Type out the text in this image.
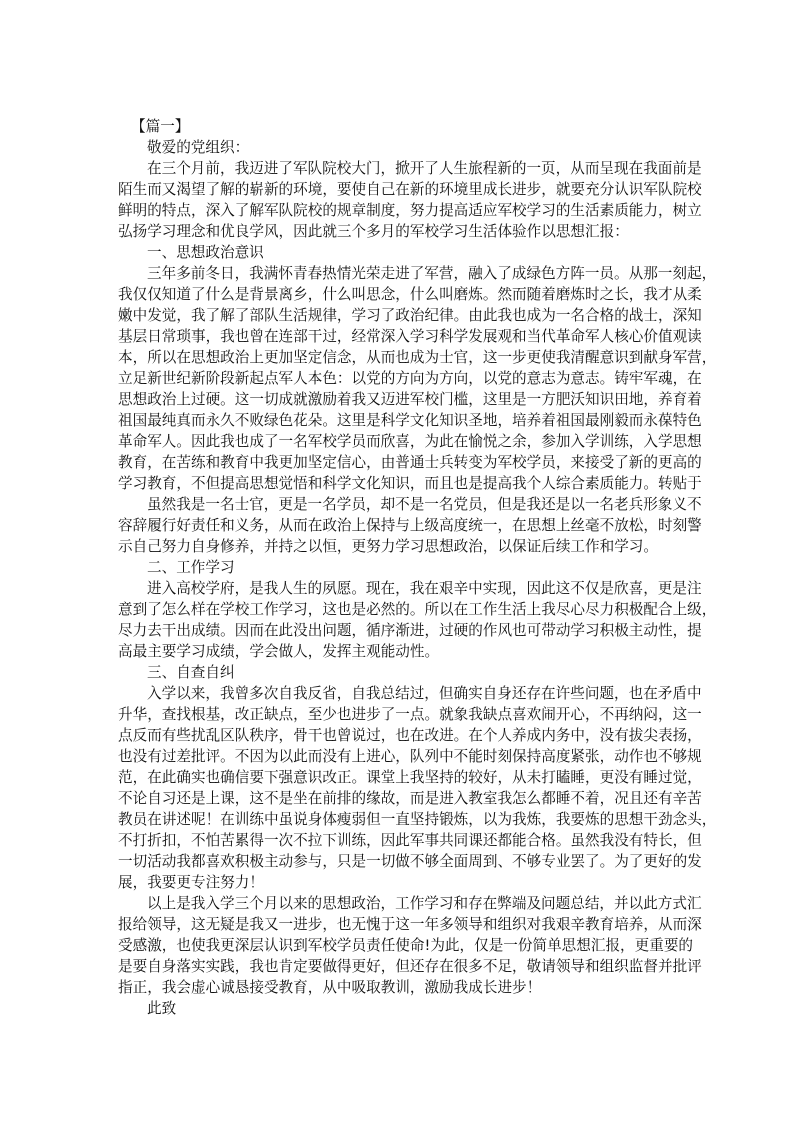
【篇一】
敬爱的党组织：
在三个月前，我迈进了军队院校大门，掀开了人生旅程新的一页，从而呈现在我面前是
陌生而又渴望了解的崭新的环境，要使自己在新的环境里成长进步，就要充分认识军队院校
鲜明的特点，深入了解军队院校的规章制度，努力提高适应军校学习的生活素质能力，树立
弘扬学习理念和优良学风，因此就三个多月的军校学习生活体验作以思想汇报：
一、思想政治意识
三年多前冬日，我满怀青春热情光荣走进了军营，融入了成绿色方阵一员。从那一刻起，
我仅仅知道了什么是背景离乡，什么叫思念，什么叫磨炼。然而随着磨炼时之长，我才从柔
嫩中发觉，我了解了部队生活规律，学习了政治纪律。由此我也成为一名合格的战士，深知
基层日常琐事，我也曾在连部干过，经常深入学习科学发展观和当代革命军人核心价值观读
本，所以在思想政治上更加坚定信念，从而也成为士官，这一步更使我清醒意识到献身军营，
立足新世纪新阶段新起点军人本色：以党的方向为方向，以党的意志为意志。铸牢军魂，在
思想政治上过硬。这一切成就激励着我又迈进军校门槛，这里是一方肥沃知识田地，养育着
祖国最纯真而永久不败绿色花朵。这里是科学文化知识圣地，培养着祖国最刚毅而永葆特色
革命军人。因此我也成了一名军校学员而欣喜，为此在愉悦之余，参加入学训练，入学思想
教育，在苦练和教育中我更加坚定信心，由普通士兵转变为军校学员，来接受了新的更高的
学习教育，不但提高思想觉悟和科学文化知识，而且也是提高我个人综合素质能力。转贴于
虽然我是一名士官，更是一名学员，却不是一名党员，但是我还是以一名老兵形象义不
容辞履行好责任和义务，从而在政治上保持与上级高度统一，在思想上丝毫不放松，时刻警
示自己努力自身修养，并持之以恒，更努力学习思想政治，以保证后续工作和学习。
二、工作学习
进入高校学府，是我人生的夙愿。现在，我在艰辛中实现，因此这不仅是欣喜，更是注
意到了怎么样在学校工作学习，这也是必然的。所以在工作生活上我尽心尽力积极配合上级，
尽力去干出成绩。因而在此没出问题，循序渐进，过硬的作风也可带动学习积极主动性，提
高最主要学习成绩，学会做人，发挥主观能动性。
三、自查自纠
入学以来，我曾多次自我反省，自我总结过，但确实自身还存在许些问题，也在矛盾中
升华，查找根基，改正缺点，至少也进步了一点。就象我缺点喜欢闹开心，不再纳闷，这一
点反而有些扰乱区队秩序，骨干也曾说过，也在改进。在个人养成内务中，没有拔尖表扬，
也没有过差批评。不因为以此而没有上进心，队列中不能时刻保持高度紧张，动作也不够规
范，在此确实也确信要下强意识改正。课堂上我坚持的较好，从未打瞌睡，更没有睡过觉，
不论自习还是上课，这不是坐在前排的缘故，而是进入教室我怎么都睡不着，况且还有辛苦
教员在讲述呢！在训练中虽说身体瘦弱但一直坚持锻炼，以为我炼，我要炼的思想干劲念头，
不打折扣，不怕苦累得一次不拉下训练，因此军事共同课还都能合格。虽然我没有特长，但
一切活动我都喜欢积极主动参与，只是一切做不够全面周到、不够专业罢了。为了更好的发
展，我要更专注努力！
以上是我入学三个月以来的思想政治，工作学习和存在弊端及问题总结，并以此方式汇
报给领导，这无疑是我又一进步，也无愧于这一年多领导和组织对我艰辛教育培养，从而深
受感激，也使我更深层认识到军校学员责任使命!为此，仅是一份简单思想汇报，更重要的
是要自身落实实践，我也肯定要做得更好，但还存在很多不足，敬请领导和组织监督并批评
指正，我会虚心诚恳接受教育，从中吸取教训，激励我成长进步！
此致
